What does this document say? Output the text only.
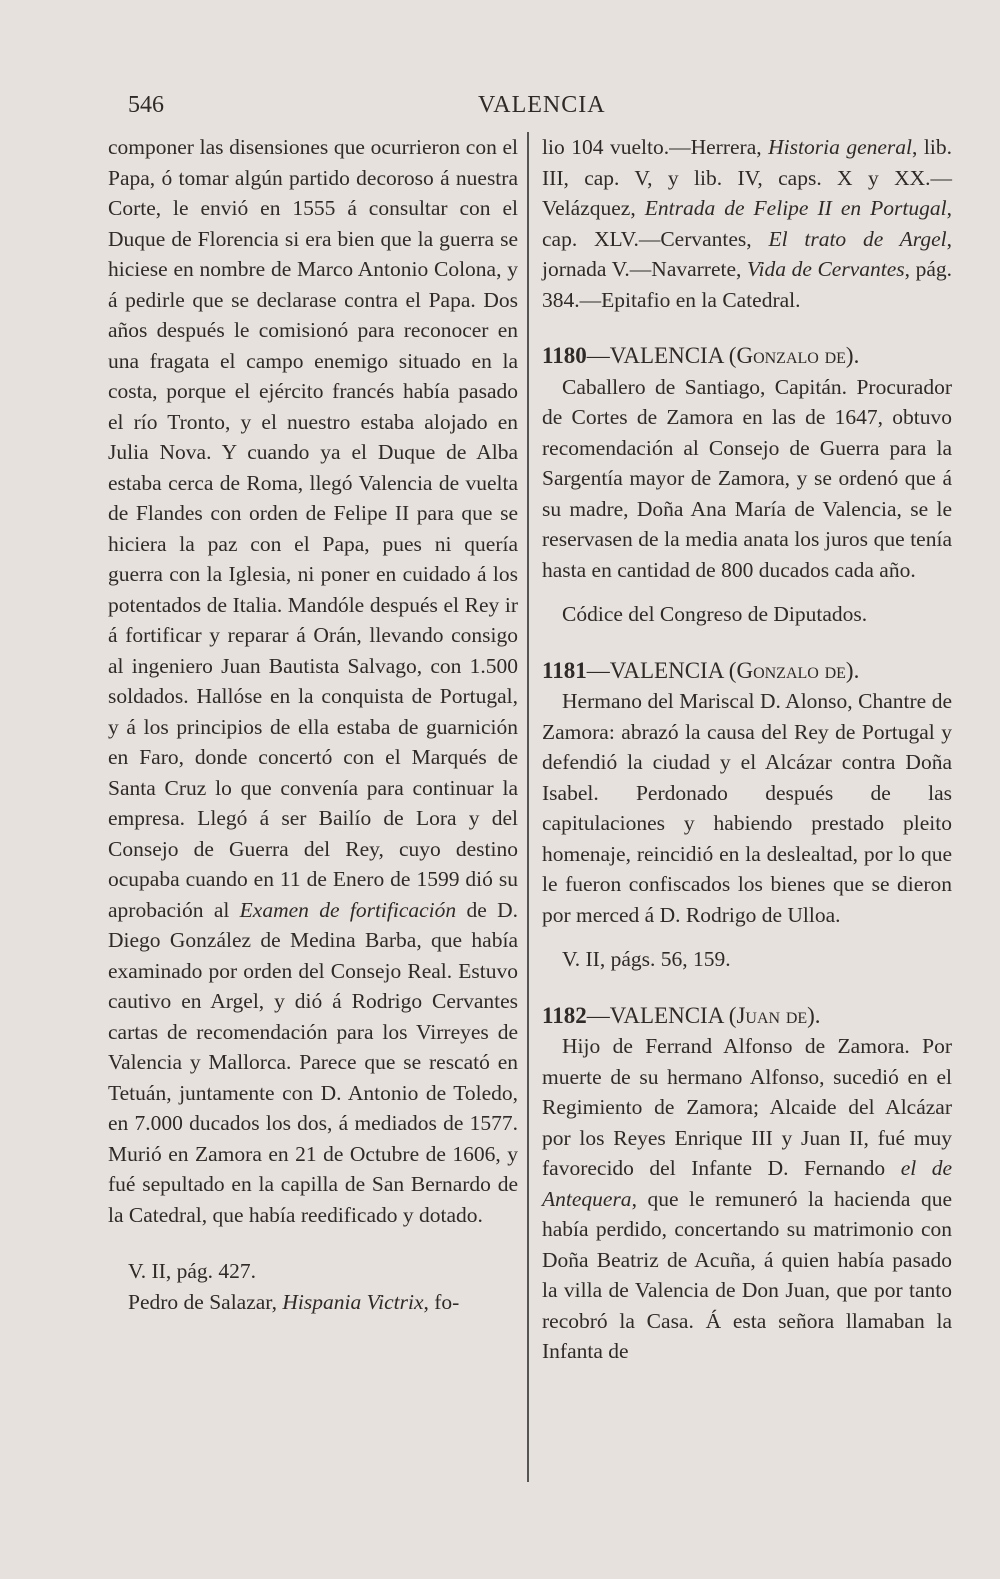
546	VALENCIA

componer las disensiones que ocurrieron con el Papa, ó tomar algún partido decoroso á nuestra Corte, le envió en 1555 á consultar con el Duque de Florencia si era bien que la guerra se hiciese en nombre de Marco Antonio Colona, y á pedirle que se declarase contra el Papa. Dos años después le comisionó para reconocer en una fragata el campo enemigo situado en la costa, porque el ejército francés había pasado el río Tronto, y el nuestro estaba alojado en Julia Nova. Y cuando ya el Duque de Alba estaba cerca de Roma, llegó Valencia de vuelta de Flandes con orden de Felipe II para que se hiciera la paz con el Papa, pues ni quería guerra con la Iglesia, ni poner en cuidado á los potentados de Italia. Mandóle después el Rey ir á fortificar y reparar á Orán, llevando consigo al ingeniero Juan Bautista Salvago, con 1.500 soldados. Hallóse en la conquista de Portugal, y á los principios de ella estaba de guarnición en Faro, donde concertó con el Marqués de Santa Cruz lo que convenía para continuar la empresa. Llegó á ser Bailío de Lora y del Consejo de Guerra del Rey, cuyo destino ocupaba cuando en 11 de Enero de 1599 dió su aprobación al Examen de fortificación de D. Diego González de Medina Barba, que había examinado por orden del Consejo Real. Estuvo cautivo en Argel, y dió á Rodrigo Cervantes cartas de recomendación para los Virreyes de Valencia y Mallorca. Parece que se rescató en Tetuán, juntamente con D. Antonio de Toledo, en 7.000 ducados los dos, á mediados de 1577. Murió en Zamora en 21 de Octubre de 1606, y fué sepultado en la capilla de San Bernardo de la Catedral, que había reedificado y dotado.

V. II, pág. 427.

Pedro de Salazar, Hispania Victrix, fo-

lio 104 vuelto.—Herrera, Historia general, lib. III, cap. V, y lib. IV, caps. X y XX.—Velázquez, Entrada de Felipe II en Portugal, cap. XLV.—Cervantes, El trato de Argel, jornada V.—Navarrete, Vida de Cervantes, pág. 384.—Epitafio en la Catedral.

1180—VALENCIA (Gonzalo de).

Caballero de Santiago, Capitán. Procurador de Cortes de Zamora en las de 1647, obtuvo recomendación al Consejo de Guerra para la Sargentía mayor de Zamora, y se ordenó que á su madre, Doña Ana María de Valencia, se le reservasen de la media anata los juros que tenía hasta en cantidad de 800 ducados cada año.

Códice del Congreso de Diputados.

1181—VALENCIA (Gonzalo de).

Hermano del Mariscal D. Alonso, Chantre de Zamora: abrazó la causa del Rey de Portugal y defendió la ciudad y el Alcázar contra Doña Isabel. Perdonado después de las capitulaciones y habiendo prestado pleito homenaje, reincidió en la deslealtad, por lo que le fueron confiscados los bienes que se dieron por merced á D. Rodrigo de Ulloa.

V. II, págs. 56, 159.

1182—VALENCIA (Juan de).

Hijo de Ferrand Alfonso de Zamora. Por muerte de su hermano Alfonso, sucedió en el Regimiento de Zamora; Alcaide del Alcázar por los Reyes Enrique III y Juan II, fué muy favorecido del Infante D. Fernando el de Antequera, que le remuneró la hacienda que había perdido, concertando su matrimonio con Doña Beatriz de Acuña, á quien había pasado la villa de Valencia de Don Juan, que por tanto recobró la Casa. Á esta señora llamaban la Infanta de
